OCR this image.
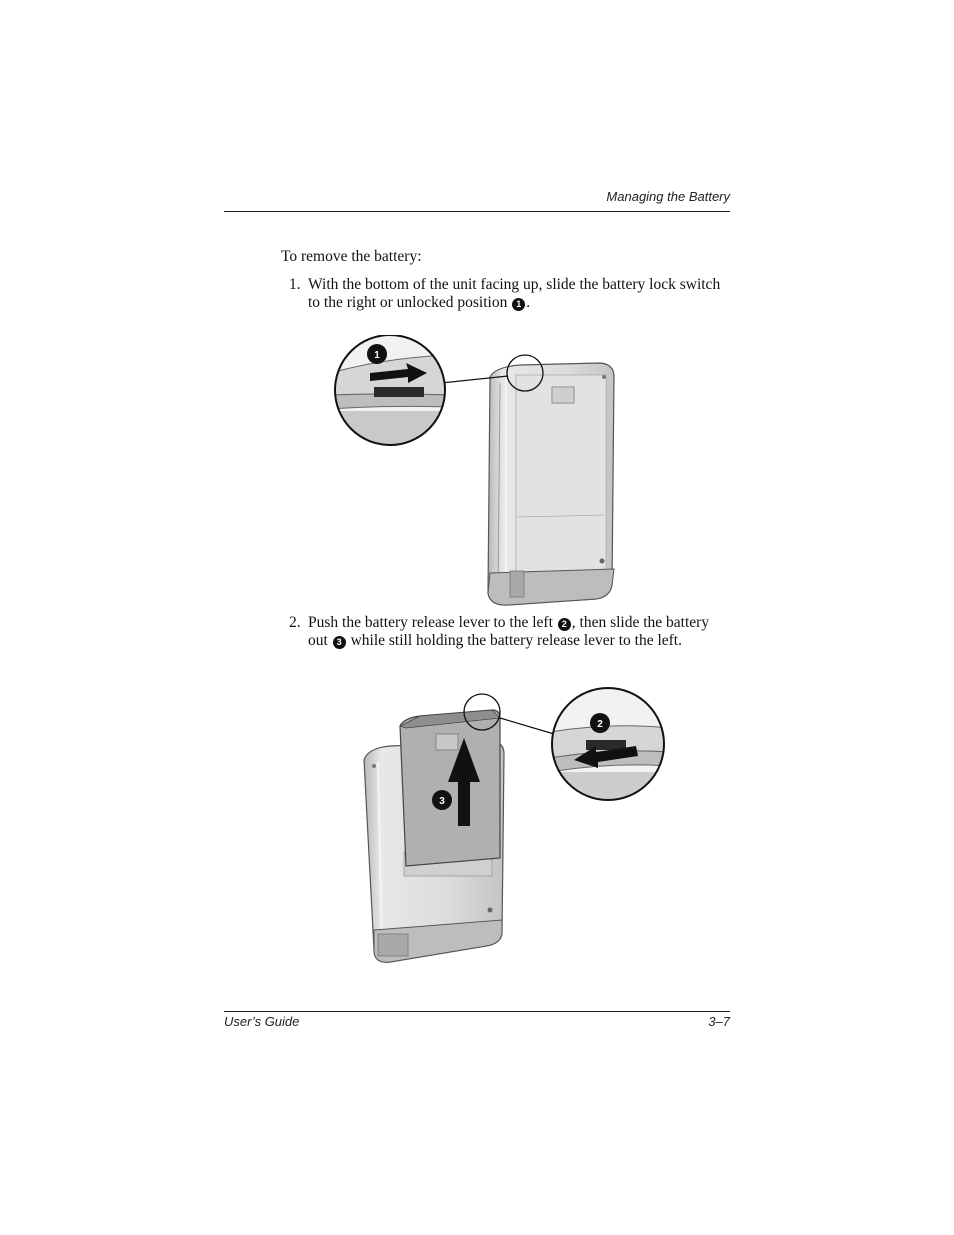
Managing the Battery
To remove the battery:
1. With the bottom of the unit facing up, slide the battery lock switch to the right or unlocked position 1 .
1
2. Push the battery release lever to the left 2 , then slide the battery out 3 while still holding the battery release lever to the left.
3
2
User’s Guide	3–7
